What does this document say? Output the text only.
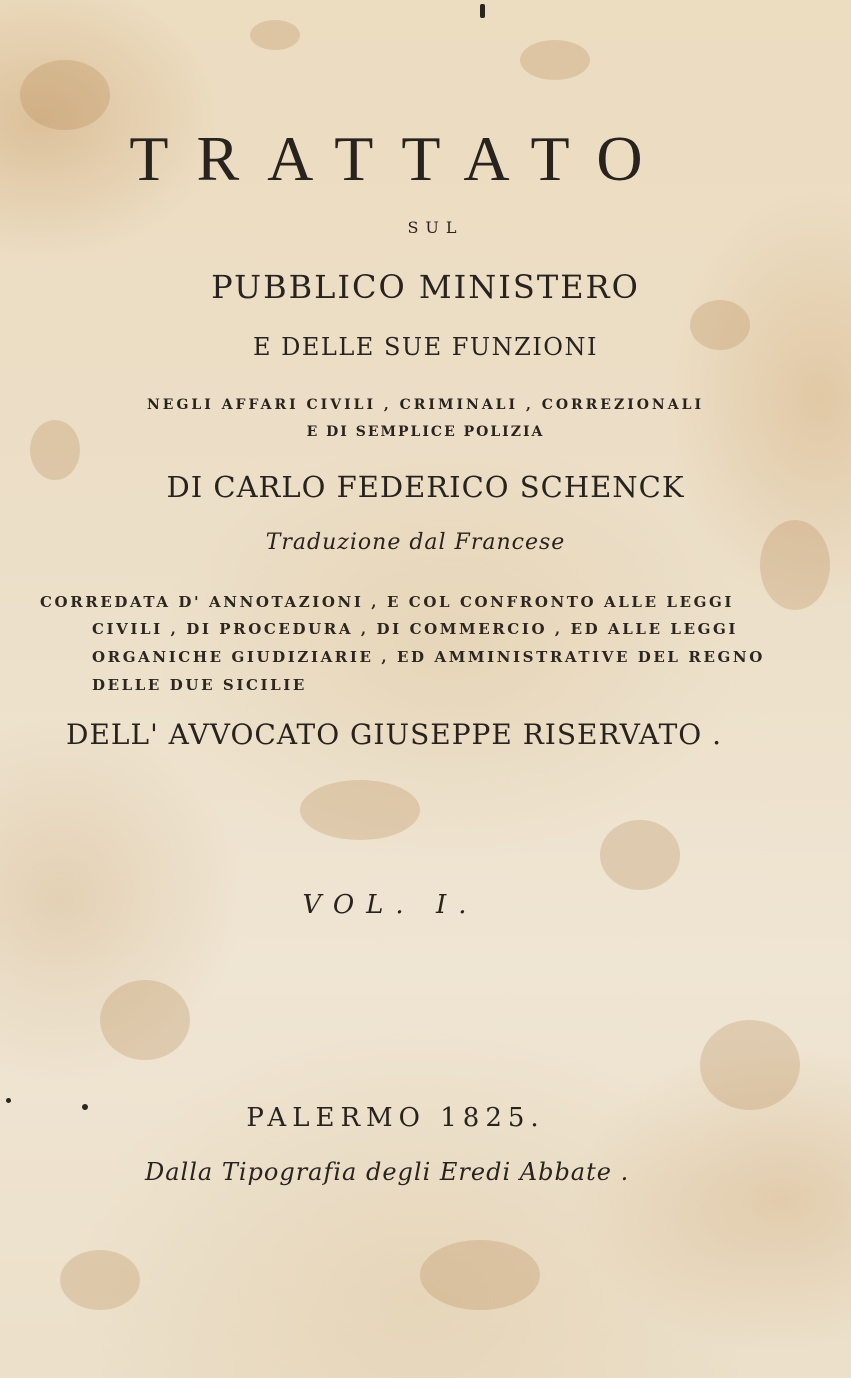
TRATTATO
SUL
PUBBLICO MINISTERO
E DELLE SUE FUNZIONI
NEGLI AFFARI CIVILI , CRIMINALI , CORREZIONALI
E DI SEMPLICE POLIZIA
DI CARLO FEDERICO SCHENCK
Traduzione dal Francese
CORREDATA D' ANNOTAZIONI , E COL CONFRONTO ALLE LEGGI
CIVILI , DI PROCEDURA , DI COMMERCIO , ED ALLE LEGGI
ORGANICHE GIUDIZIARIE , ED AMMINISTRATIVE DEL REGNO
DELLE DUE SICILIE
DELL' AVVOCATO GIUSEPPE RISERVATO .
VOL. I.
PALERMO 1825.
Dalla Tipografia degli Eredi Abbate .
